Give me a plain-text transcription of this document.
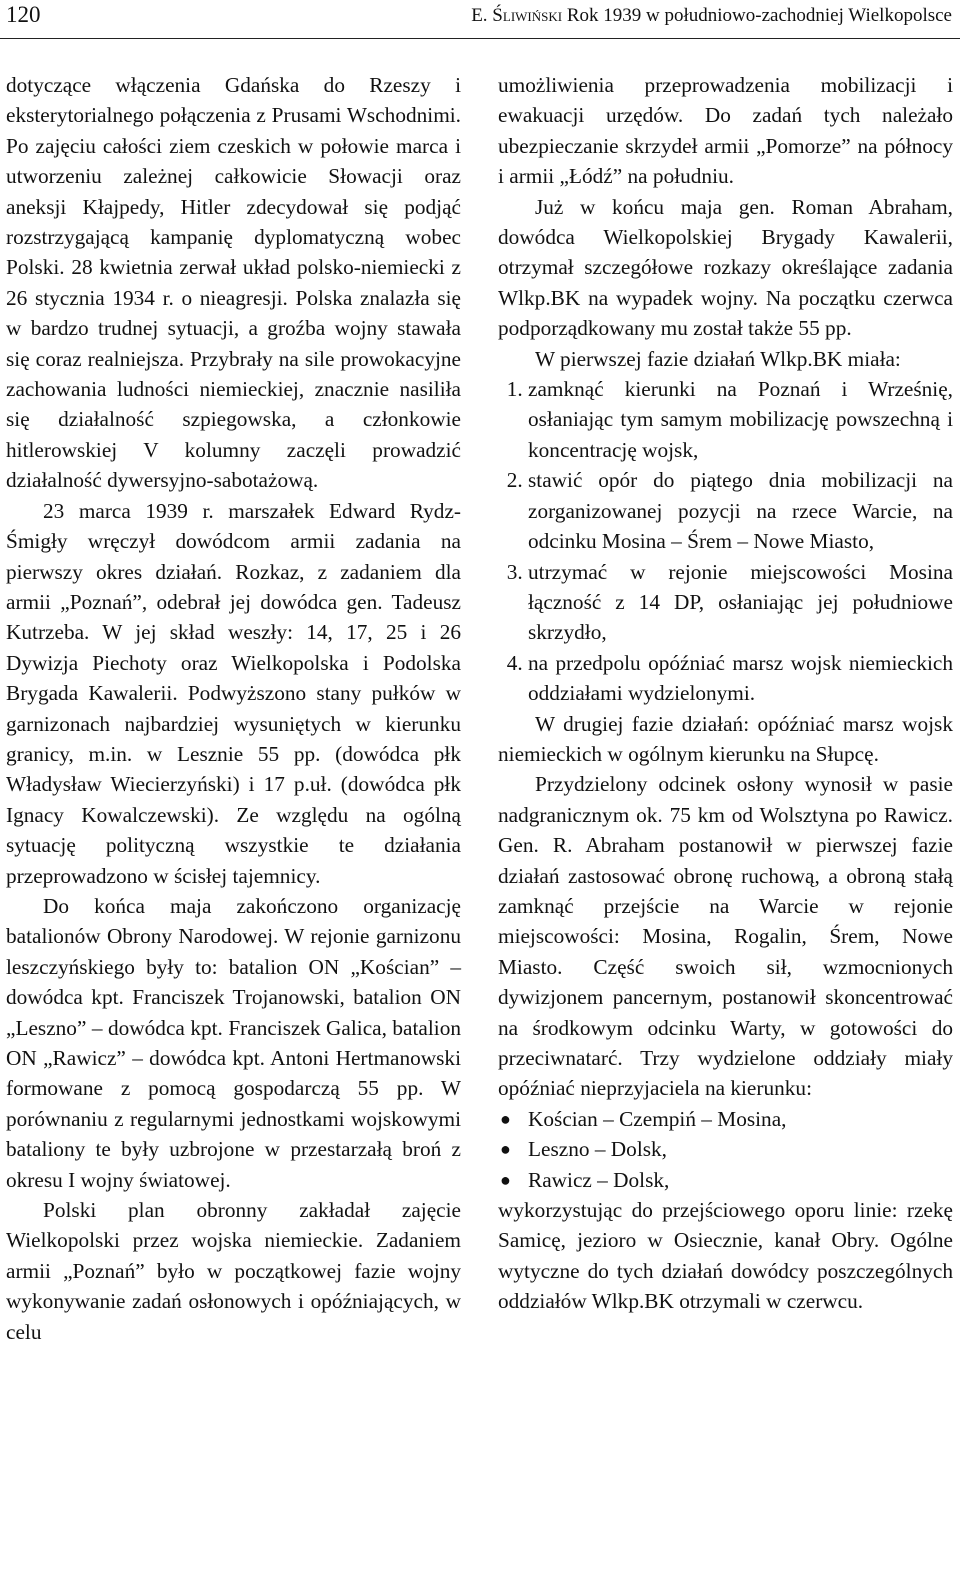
120	E. Śliwiński Rok 1939 w południowo-zachodniej Wielkopolsce

dotyczące włączenia Gdańska do Rzeszy i eksterytorialnego połączenia z Prusami Wschodnimi. Po zajęciu całości ziem czeskich w połowie marca i utworzeniu zależnej całkowicie Słowacji oraz aneksji Kłajpedy, Hitler zdecydował się podjąć rozstrzygającą kampanię dyplomatyczną wobec Polski. 28 kwietnia zerwał układ polsko-niemiecki z 26 stycznia 1934 r. o nieagresji. Polska znalazła się w bardzo trudnej sytuacji, a groźba wojny stawała się coraz realniejsza. Przybrały na sile prowokacyjne zachowania ludności niemieckiej, znacznie nasiliła się działalność szpiegowska, a członkowie hitlerowskiej V kolumny zaczęli prowadzić działalność dywersyjno-sabotażową.

23 marca 1939 r. marszałek Edward Rydz-Śmigły wręczył dowódcom armii zadania na pierwszy okres działań. Rozkaz, z zadaniem dla armii „Poznań”, odebrał jej dowódca gen. Tadeusz Kutrzeba. W jej skład weszły: 14, 17, 25 i 26 Dywizja Piechoty oraz Wielkopolska i Podolska Brygada Kawalerii. Podwyższono stany pułków w garnizonach najbardziej wysuniętych w kierunku granicy, m.in. w Lesznie 55 pp. (dowódca płk Władysław Wiecierzyński) i 17 p.uł. (dowódca płk Ignacy Kowalczewski). Ze względu na ogólną sytuację polityczną wszystkie te działania przeprowadzono w ścisłej tajemnicy.

Do końca maja zakończono organizację batalionów Obrony Narodowej. W rejonie garnizonu leszczyńskiego były to: batalion ON „Kościan” – dowódca kpt. Franciszek Trojanowski, batalion ON „Leszno” – dowódca kpt. Franciszek Galica, batalion ON „Rawicz” – dowódca kpt. Antoni Hertmanowski formowane z pomocą gospodarczą 55 pp. W porównaniu z regularnymi jednostkami wojskowymi bataliony te były uzbrojone w przestarzałą broń z okresu I wojny światowej.

Polski plan obronny zakładał zajęcie Wielkopolski przez wojska niemieckie. Zadaniem armii „Poznań” było w początkowej fazie wojny wykonywanie zadań osłonowych i opóźniających, w celu

umożliwienia przeprowadzenia mobilizacji i ewakuacji urzędów. Do zadań tych należało ubezpieczanie skrzydeł armii „Pomorze” na północy i armii „Łódź” na południu.

Już w końcu maja gen. Roman Abraham, dowódca Wielkopolskiej Brygady Kawalerii, otrzymał szczegółowe rozkazy określające zadania Wlkp.BK na wypadek wojny. Na początku czerwca podporządkowany mu został także 55 pp.

W pierwszej fazie działań Wlkp.BK miała:

1. zamknąć kierunki na Poznań i Wrześnię, osłaniając tym samym mobilizację powszechną i koncentrację wojsk,
2. stawić opór do piątego dnia mobilizacji na zorganizowanej pozycji na rzece Warcie, na odcinku Mosina – Śrem – Nowe Miasto,
3. utrzymać w rejonie miejscowości Mosina łączność z 14 DP, osłaniając jej południowe skrzydło,
4. na przedpolu opóźniać marsz wojsk niemieckich oddziałami wydzielonymi.

W drugiej fazie działań: opóźniać marsz wojsk niemieckich w ogólnym kierunku na Słupcę.

Przydzielony odcinek osłony wynosił w pasie nadgranicznym ok. 75 km od Wolsztyna po Rawicz. Gen. R. Abraham postanowił w pierwszej fazie działań zastosować obronę ruchową, a obroną stałą zamknąć przejście na Warcie w rejonie miejscowości: Mosina, Rogalin, Śrem, Nowe Miasto. Część swoich sił, wzmocnionych dywizjonem pancernym, postanowił skoncentrować na środkowym odcinku Warty, w gotowości do przeciwnatarć. Trzy wydzielone oddziały miały opóźniać nieprzyjaciela na kierunku:

● Kościan – Czempiń – Mosina,
● Leszno – Dolsk,
● Rawicz – Dolsk,

wykorzystując do przejściowego oporu linie: rzekę Samicę, jezioro w Osiecznie, kanał Obry. Ogólne wytyczne do tych działań dowódcy poszczególnych oddziałów Wlkp.BK otrzymali w czerwcu.
